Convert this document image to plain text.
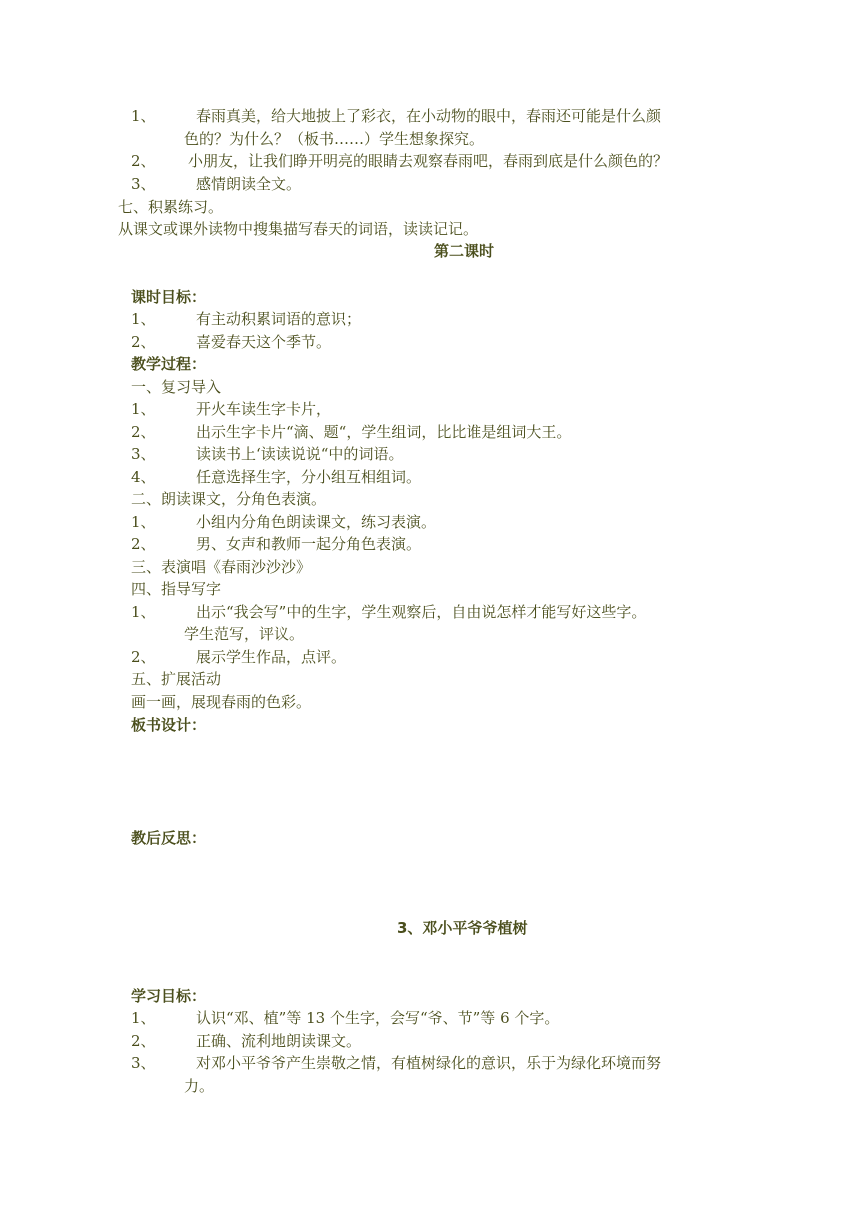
1、	春雨真美，给大地披上了彩衣，在小动物的眼中，春雨还可能是什么颜
色的？为什么？（板书……）学生想象探究。
2、 小朋友，让我们睁开明亮的眼睛去观察春雨吧，春雨到底是什么颜色的？
3、	感情朗读全文。
七、积累练习。
从课文或课外读物中搜集描写春天的词语，读读记记。
第二课时
课时目标：
1、	有主动积累词语的意识；
2、	喜爱春天这个季节。
教学过程：
一、复习导入
1、	开火车读生字卡片，
2、	出示生字卡片“滴、题“，学生组词，比比谁是组词大王。
3、	读读书上‘读读说说“中的词语。
4、	任意选择生字，分小组互相组词。
二、朗读课文，分角色表演。
1、	小组内分角色朗读课文，练习表演。
2、	男、女声和教师一起分角色表演。
三、表演唱《春雨沙沙沙》
四、指导写字
1、	出示“我会写”中的生字，学生观察后，自由说怎样才能写好这些字。
学生范写，评议。
2、	展示学生作品，点评。
五、扩展活动
画一画，展现春雨的色彩。
板书设计：
教后反思：
3、邓小平爷爷植树
学习目标：
1、	认识“邓、植”等 13 个生字，会写“爷、节”等 6 个字。
2、	正确、流利地朗读课文。
3、	对邓小平爷爷产生崇敬之情，有植树绿化的意识，乐于为绿化环境而努
力。
